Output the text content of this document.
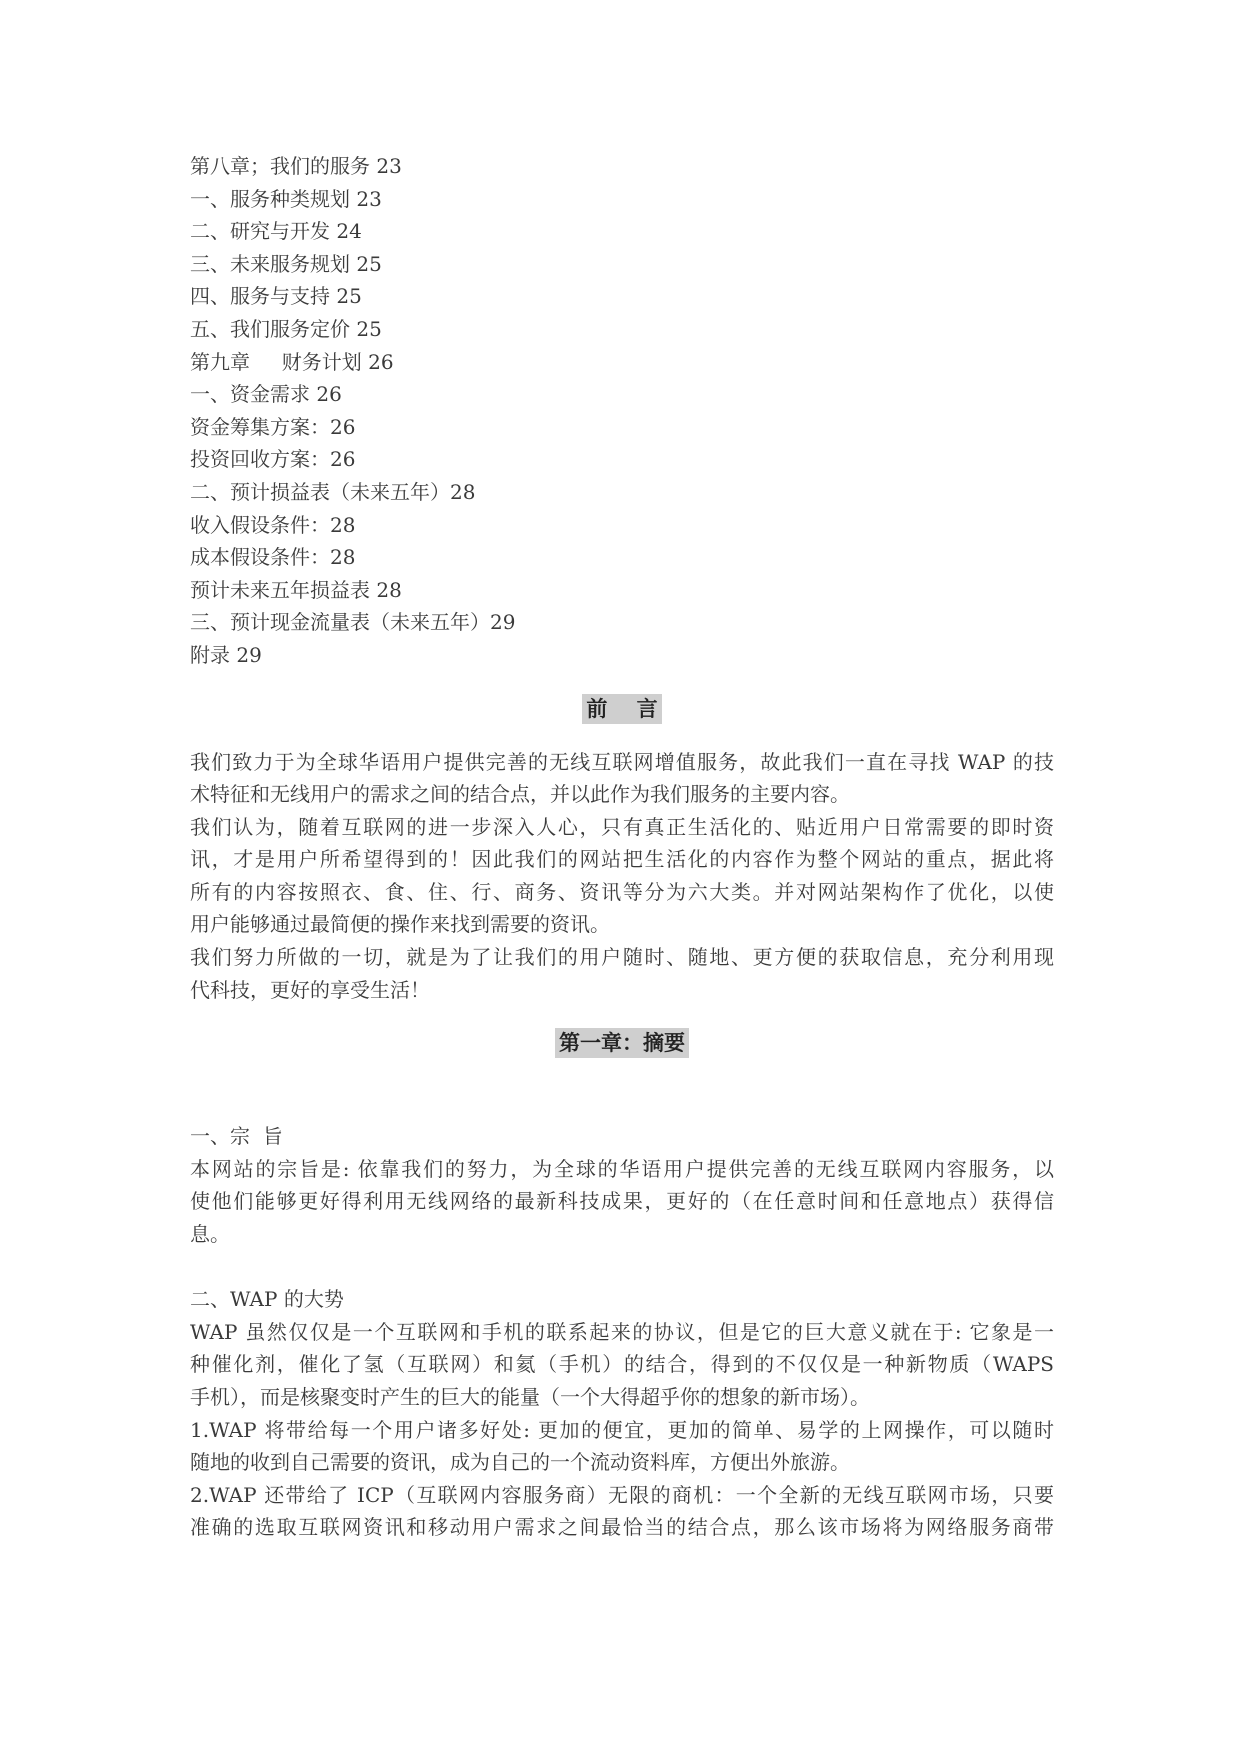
第八章；我们的服务 23
一、服务种类规划 23
二、研究与开发 24
三、未来服务规划 25
四、服务与支持 25
五、我们服务定价 25
第九章     财务计划 26
一、资金需求 26
资金筹集方案：26
投资回收方案：26
二、预计损益表（未来五年）28
收入假设条件：28
成本假设条件：28
预计未来五年损益表 28
三、预计现金流量表（未来五年）29
附录 29
前    言
我们致力于为全球华语用户提供完善的无线互联网增值服务，故此我们一直在寻找 WAP 的技
术特征和无线用户的需求之间的结合点，并以此作为我们服务的主要内容。
我们认为，随着互联网的进一步深入人心，只有真正生活化的、贴近用户日常需要的即时资
讯，才是用户所希望得到的！因此我们的网站把生活化的内容作为整个网站的重点，据此将
所有的内容按照衣、食、住、行、商务、资讯等分为六大类。并对网站架构作了优化，以使
用户能够通过最简便的操作来找到需要的资讯。
我们努力所做的一切，就是为了让我们的用户随时、随地、更方便的获取信息，充分利用现
代科技，更好的享受生活！
第一章：摘要
一、宗  旨
本网站的宗旨是: 依靠我们的努力，为全球的华语用户提供完善的无线互联网内容服务，以
使他们能够更好得利用无线网络的最新科技成果，更好的（在任意时间和任意地点）获得信
息。
二、WAP 的大势
WAP 虽然仅仅是一个互联网和手机的联系起来的协议，但是它的巨大意义就在于: 它象是一
种催化剂，催化了氢（互联网）和氦（手机）的结合，得到的不仅仅是一种新物质（WAPS
手机），而是核聚变时产生的巨大的能量（一个大得超乎你的想象的新市场）。
1.WAP 将带给每一个用户诸多好处: 更加的便宜，更加的简单、易学的上网操作，可以随时
随地的收到自己需要的资讯，成为自己的一个流动资料库，方便出外旅游。
2.WAP 还带给了 ICP（互联网内容服务商）无限的商机：一个全新的无线互联网市场，只要
准确的选取互联网资讯和移动用户需求之间最恰当的结合点，那么该市场将为网络服务商带
